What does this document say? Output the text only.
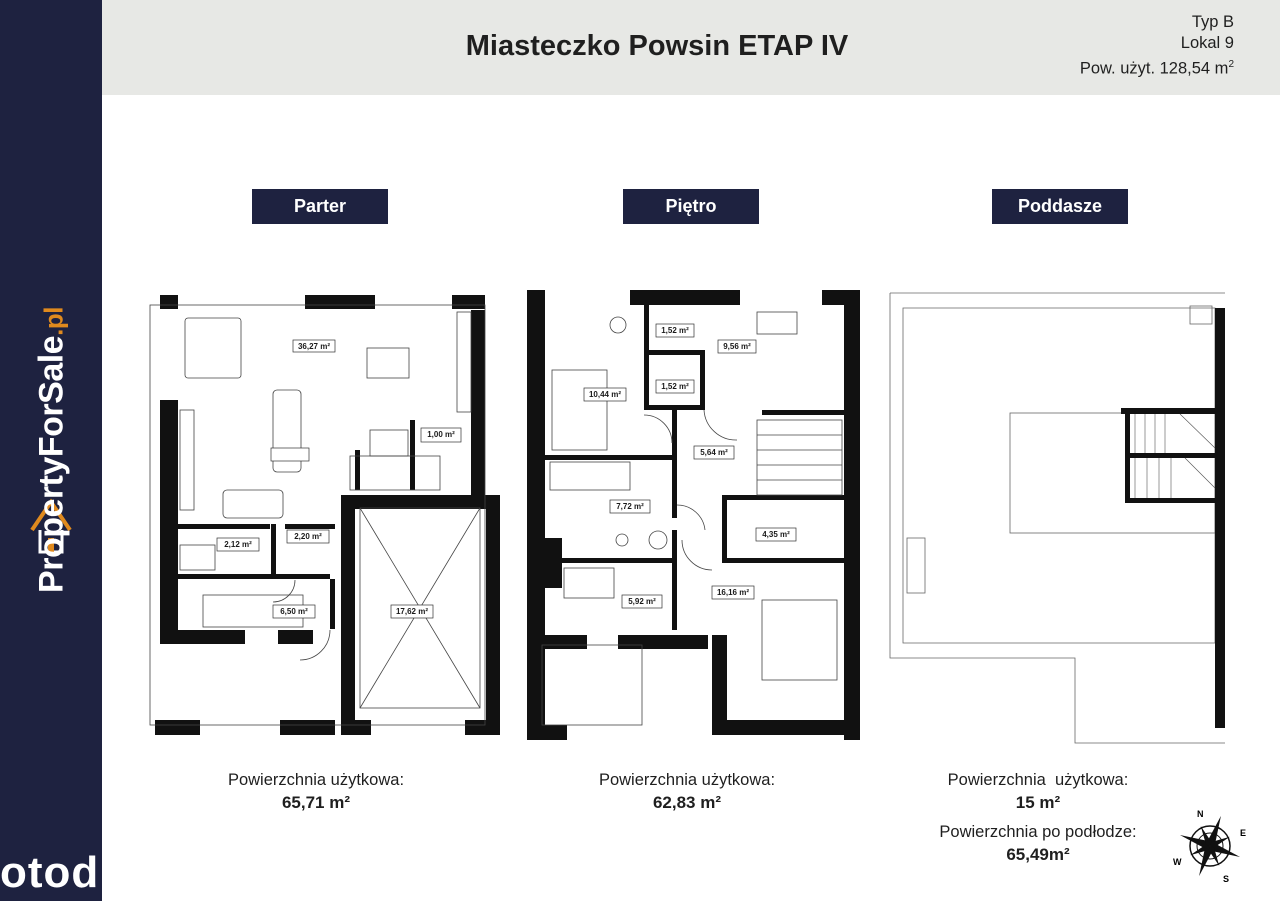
PropertyForSale.pl
otod
Miasteczko Powsin ETAP IV
Typ B
Lokal 9
Pow. użyt. 128,54 $m^2$
Parter	Piętro	Poddasze
36,27 m²
1,00 m²
2,12 m²
2,20 m²
6,50 m²	17,62 m²
1,52 m²
9,56 m²
1,52 m²
10,44 m²
5,64 m²
7,72 m²
4,35 m²
5,92 m²
16,16 m²
Powierzchnia użytkowa:
65,71 m²
Powierzchnia użytkowa:
62,83 m²
Powierzchnia  użytkowa:
15 m²
Powierzchnia po podłodze:
65,49m²
N
E
S
W
